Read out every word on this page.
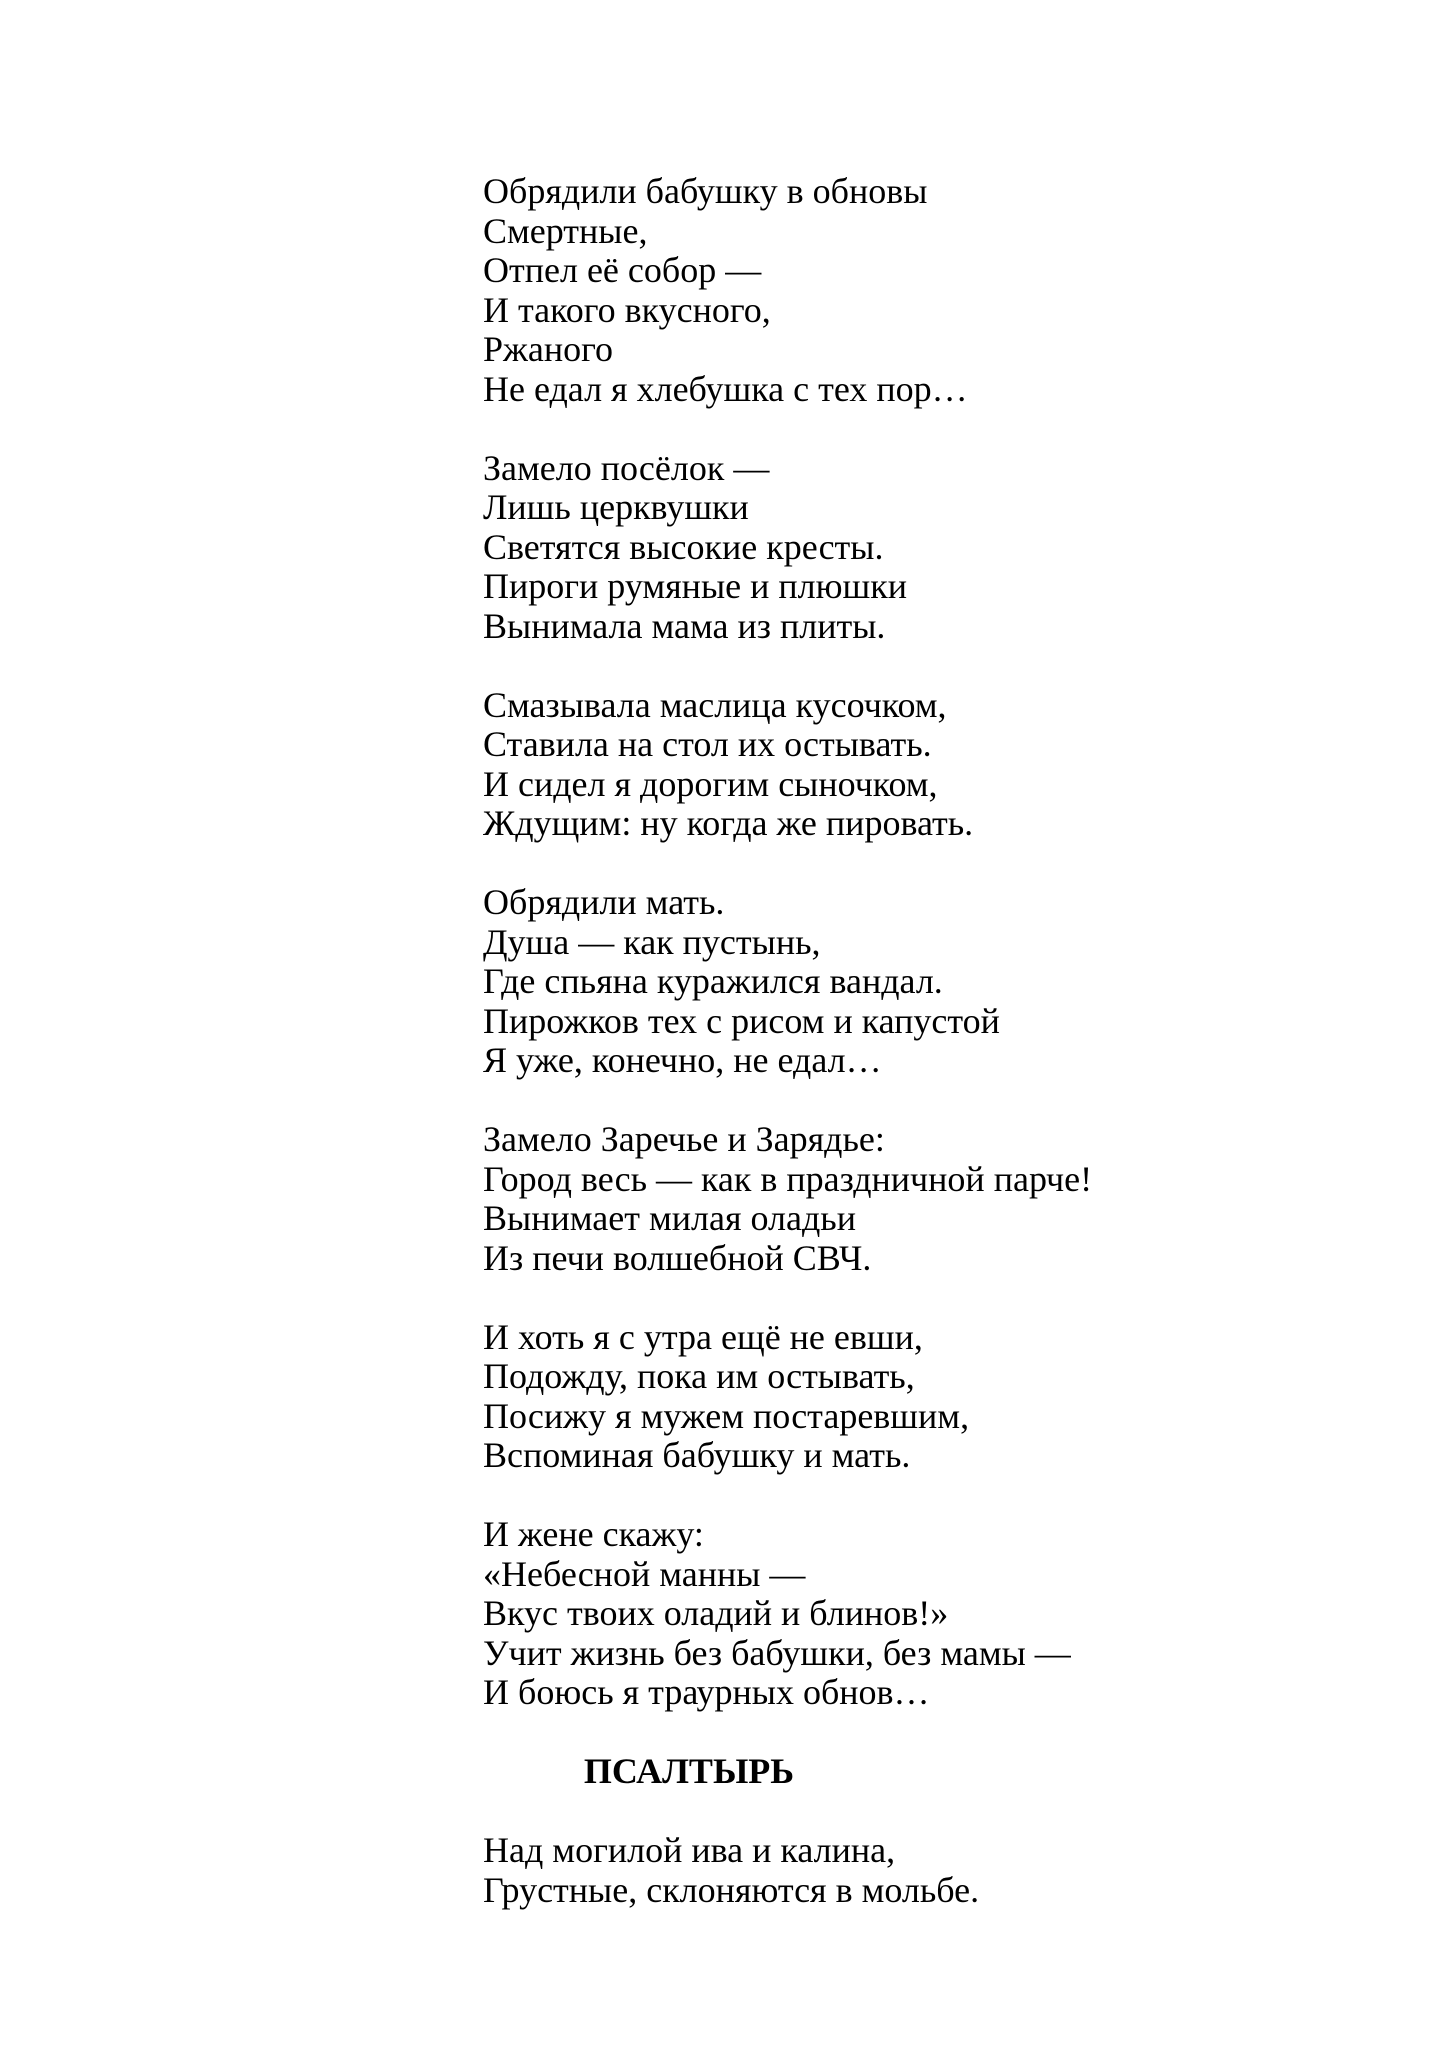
Обрядили бабушку в обновы
Смертные,
Отпел её собор —
И такого вкусного,
Ржаного
Не едал я хлебушка с тех пор…

Замело посёлок —
Лишь церквушки
Светятся высокие кресты.
Пироги румяные и плюшки
Вынимала мама из плиты.

Смазывала маслица кусочком,
Ставила на стол их остывать.
И сидел я дорогим сыночком,
Ждущим: ну когда же пировать.

Обрядили мать.
Душа — как пустынь,
Где спьяна куражился вандал.
Пирожков тех с рисом и капустой
Я уже, конечно, не едал…

Замело Заречье и Зарядье:
Город весь — как в праздничной парче!
Вынимает милая оладьи
Из печи волшебной СВЧ.

И хоть я с утра ещё не евши,
Подожду, пока им остывать,
Посижу я мужем постаревшим,
Вспоминая бабушку и мать.

И жене скажу:
«Небесной манны —
Вкус твоих оладий и блинов!»
Учит жизнь без бабушки, без мамы —
И боюсь я траурных обнов…

ПСАЛТЫРЬ

Над могилой ива и калина,
Грустные, склоняются в мольбе.
